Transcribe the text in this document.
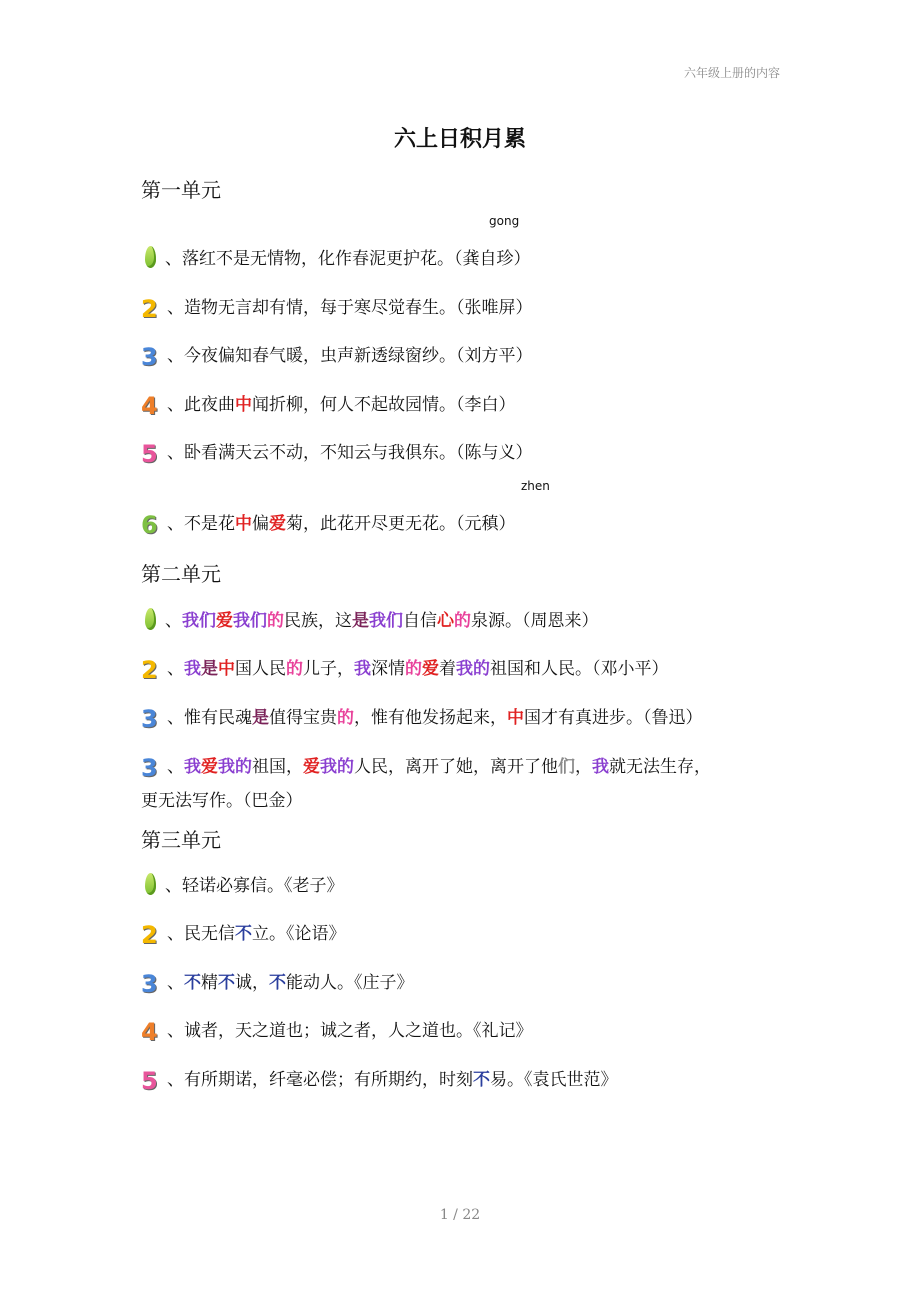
六年级上册的内容
六上日积月累
第一单元
gong
、落红不是无情物，化作春泥更护花。（龚自珍）
2 、造物无言却有情，每于寒尽觉春生。（张唯屏）
3 、今夜偏知春气暖，虫声新透绿窗纱。（刘方平）
4 、此夜曲中闻折柳，何人不起故园情。（李白）
5 、卧看满天云不动，不知云与我俱东。（陈与义）
zhen
6 、不是花中偏爱菊，此花开尽更无花。（元稹）
第二单元
、我们爱我们的民族，这是我们自信心的泉源。（周恩来）
2 、我是中国人民的儿子，我深情的爱着我的祖国和人民。（邓小平）
3 、惟有民魂是值得宝贵的，惟有他发扬起来，中国才有真进步。（鲁迅）
3 、我爱我的祖国，爱我的人民，离开了她，离开了他们，我就无法生存，
更无法写作。（巴金）
第三单元
、轻诺必寡信。《老子》
2 、民无信不立。《论语》
3 、不精不诚，不能动人。《庄子》
4 、诚者，天之道也；诚之者，人之道也。《礼记》
5 、有所期诺，纤毫必偿；有所期约，时刻不易。《袁氏世范》
1 / 22
